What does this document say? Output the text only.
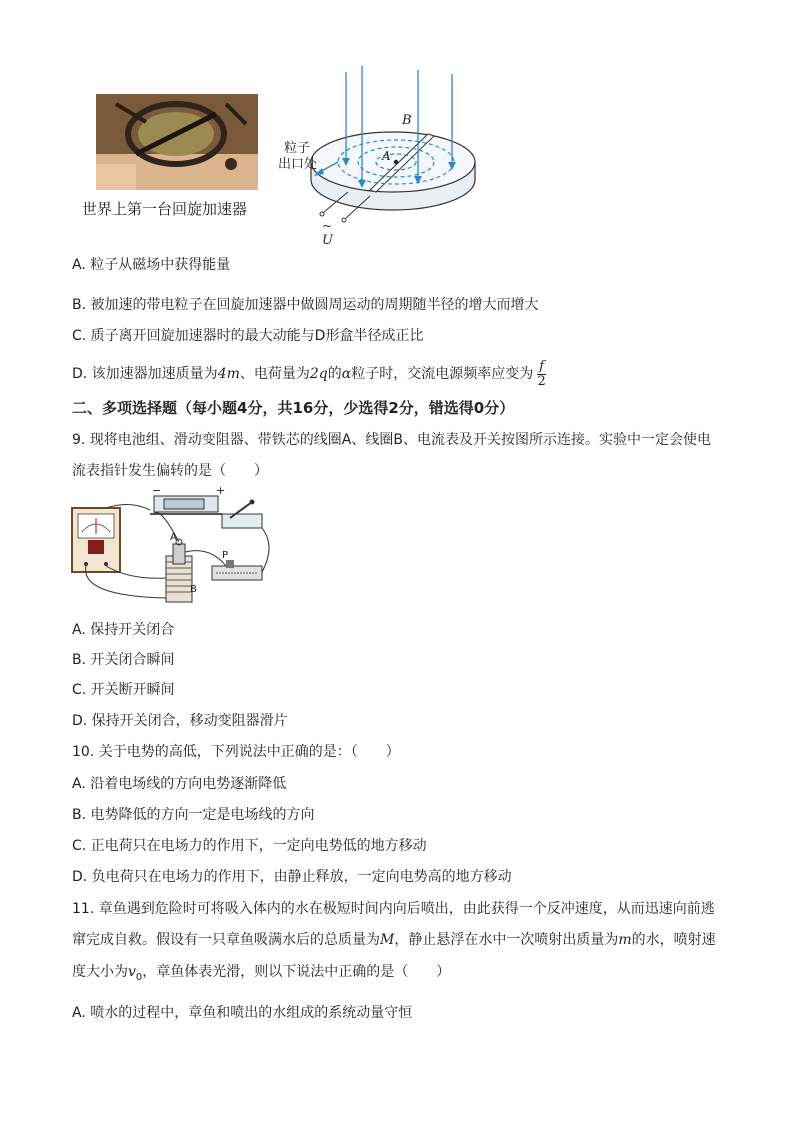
世界上第一台回旋加速器
B
A
粒子
出口处
U
~
A. 粒子从磁场中获得能量
B. 被加速的带电粒子在回旋加速器中做圆周运动的周期随半径的增大而增大
C. 质子离开回旋加速器时的最大动能与D形盒半径成正比
D. 该加速器加速质量为4m、电荷量为2q的α粒子时，交流电源频率应变为 $\frac{f}{2}$
二、多项选择题（每小题4分，共16分，少选得2分，错选得0分）
9. 现将电池组、滑动变阻器、带铁芯的线圈A、线圈B、电流表及开关按图所示连接。实验中一定会使电
流表指针发生偏转的是（　　）
−	+
A
B
P
A. 保持开关闭合
B. 开关闭合瞬间
C. 开关断开瞬间
D. 保持开关闭合，移动变阻器滑片
10. 关于电势的高低，下列说法中正确的是：（　　）
A. 沿着电场线的方向电势逐渐降低
B. 电势降低的方向一定是电场线的方向
C. 正电荷只在电场力的作用下，一定向电势低的地方移动
D. 负电荷只在电场力的作用下，由静止释放，一定向电势高的地方移动
11. 章鱼遇到危险时可将吸入体内的水在极短时间内向后喷出，由此获得一个反冲速度，从而迅速向前逃
窜完成自救。假设有一只章鱼吸满水后的总质量为M，静止悬浮在水中一次喷射出质量为m的水，喷射速
度大小为$v_0$，章鱼体表光滑，则以下说法中正确的是（　　）
A. 喷水的过程中，章鱼和喷出的水组成的系统动量守恒
